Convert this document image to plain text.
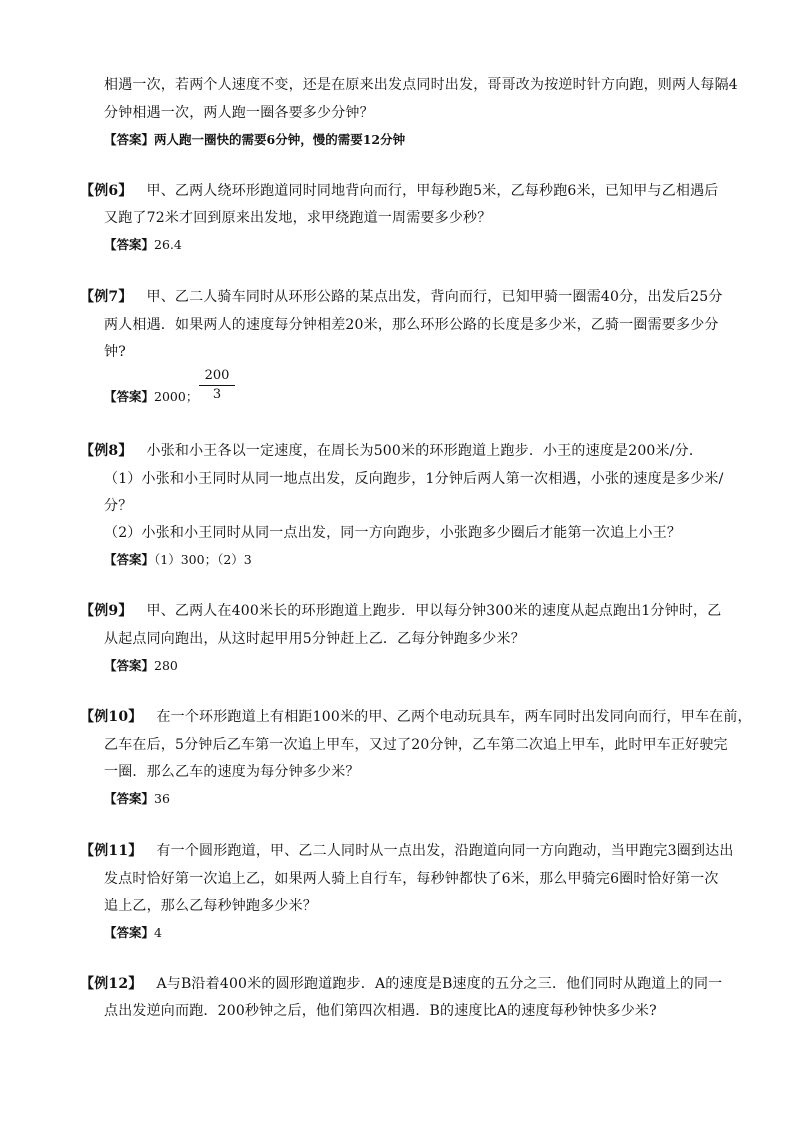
相遇一次，若两个人速度不变，还是在原来出发点同时出发，哥哥改为按逆时针方向跑，则两人每隔4
分钟相遇一次，两人跑一圈各要多少分钟？
【答案】两人跑一圈快的需要6分钟，慢的需要12分钟
【例6】 甲、乙两人绕环形跑道同时同地背向而行，甲每秒跑5米，乙每秒跑6米，已知甲与乙相遇后
又跑了72米才回到原来出发地，求甲绕跑道一周需要多少秒？
【答案】26.4
【例7】 甲、乙二人骑车同时从环形公路的某点出发，背向而行，已知甲骑一圈需40分，出发后25分
两人相遇．如果两人的速度每分钟相差20米，那么环形公路的长度是多少米，乙骑一圈需要多少分
钟?
【答案】2000；
200
3
【例8】 小张和小王各以一定速度，在周长为500米的环形跑道上跑步．小王的速度是200米/分．
（1）小张和小王同时从同一地点出发，反向跑步，1分钟后两人第一次相遇，小张的速度是多少米/
分？
（2）小张和小王同时从同一点出发，同一方向跑步，小张跑多少圈后才能第一次追上小王？
【答案】（1）300；（2）3
【例9】 甲、乙两人在400米长的环形跑道上跑步．甲以每分钟300米的速度从起点跑出1分钟时，乙
从起点同向跑出，从这时起甲用5分钟赶上乙．乙每分钟跑多少米？
【答案】280
【例10】 在一个环形跑道上有相距100米的甲、乙两个电动玩具车，两车同时出发同向而行，甲车在前，
乙车在后，5分钟后乙车第一次追上甲车，又过了20分钟，乙车第二次追上甲车，此时甲车正好驶完
一圈．那么乙车的速度为每分钟多少米？
【答案】36
【例11】 有一个圆形跑道，甲、乙二人同时从一点出发，沿跑道向同一方向跑动，当甲跑完3圈到达出
发点时恰好第一次追上乙，如果两人骑上自行车，每秒钟都快了6米，那么甲骑完6圈时恰好第一次
追上乙，那么乙每秒钟跑多少米？
【答案】4
【例12】 A与B沿着400米的圆形跑道跑步．A的速度是B速度的五分之三．他们同时从跑道上的同一
点出发逆向而跑．200秒钟之后，他们第四次相遇．B的速度比A的速度每秒钟快多少米?
